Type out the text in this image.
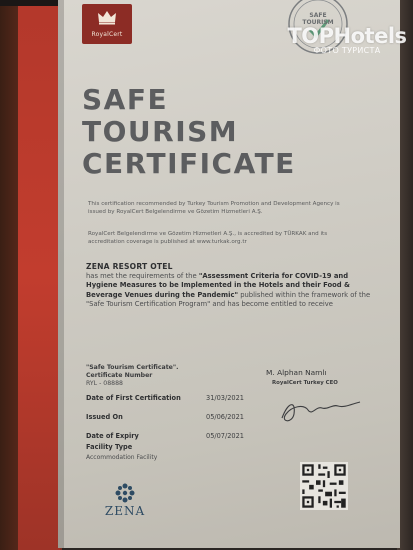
RoyalCert
SAFE TOURISM
SAFE
TOURISM
CERTIFICATE
This certification recommended by Turkey Tourism Promotion and Development Agency is issued by RoyalCert Belgelendirme ve Gözetim Hizmetleri A.Ş.
RoyalCert Belgelendirme ve Gözetim Hizmetleri A.Ş., is accredited by TÜRKAK and its accreditation coverage is published at www.turkak.org.tr
ZENA RESORT OTEL
has met the requirements of the "Assessment Criteria for COVID-19 and Hygiene Measures to be Implemented in the Hotels and their Food & Beverage Venues during the Pandemic" published within the framework of the "Safe Tourism Certification Program" and has become entitled to receive
"Safe Tourism Certificate".
Certificate Number
RYL - 08888
Date of First Certification	31/03/2021
Issued On	05/06/2021
Date of Expiry	05/07/2021
Facility Type
Accommodation Facility
M. Alphan Namlı
RoyalCert Turkey CEO
ZENA
TOPHotels
ФОТО ТУРИСТА
